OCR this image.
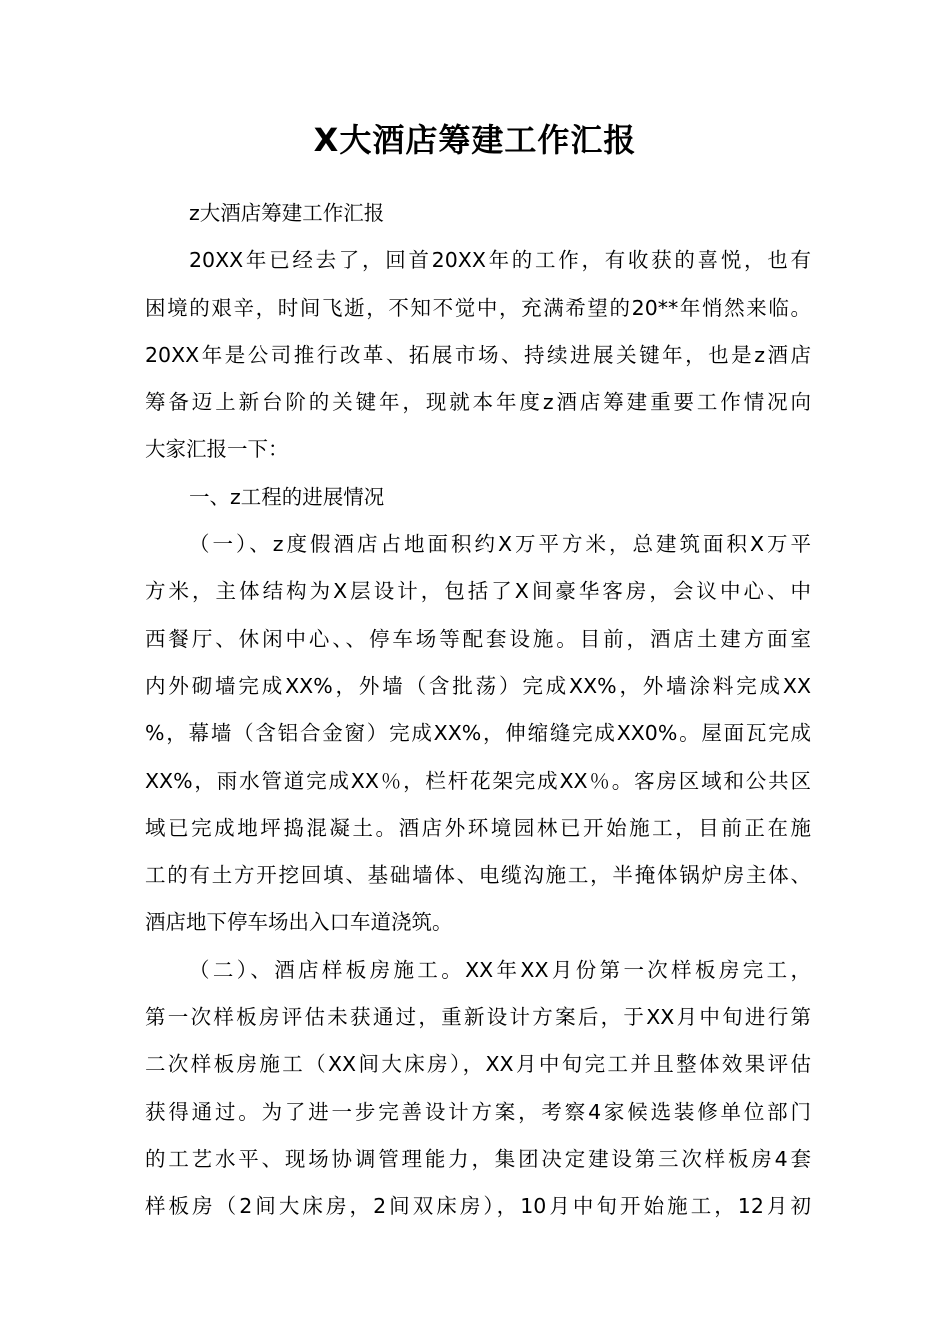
X大酒店筹建工作汇报
z大酒店筹建工作汇报
20XX年已经去了，回首20XX年的工作，有收获的喜悦，也有
困境的艰辛，时间飞逝，不知不觉中，充满希望的20**年悄然来临。
20XX年是公司推行改革、拓展市场、持续进展关键年，也是z酒店
筹备迈上新台阶的关键年，现就本年度z酒店筹建重要工作情况向
大家汇报一下：
一、z工程的进展情况
（一）、z度假酒店占地面积约X万平方米，总建筑面积X万平
方米，主体结构为X层设计，包括了X间豪华客房，会议中心、中
西餐厅、休闲中心、、停车场等配套设施。目前，酒店土建方面室
内外砌墙完成XX%，外墙（含批荡）完成XX%，外墙涂料完成XX
%，幕墙（含铝合金窗）完成XX%，伸缩缝完成XX0%。屋面瓦完成
XX%，雨水管道完成XX％，栏杆花架完成XX％。客房区域和公共区
域已完成地坪捣混凝土。酒店外环境园林已开始施工，目前正在施
工的有土方开挖回填、基础墙体、电缆沟施工，半掩体锅炉房主体、
酒店地下停车场出入口车道浇筑。
（二）、酒店样板房施工。XX年XX月份第一次样板房完工，
第一次样板房评估未获通过，重新设计方案后，于XX月中旬进行第
二次样板房施工（XX间大床房），XX月中旬完工并且整体效果评估
获得通过。为了进一步完善设计方案，考察4家候选装修单位部门
的工艺水平、现场协调管理能力，集团决定建设第三次样板房4套
样板房（2间大床房，2间双床房），10月中旬开始施工，12月初
